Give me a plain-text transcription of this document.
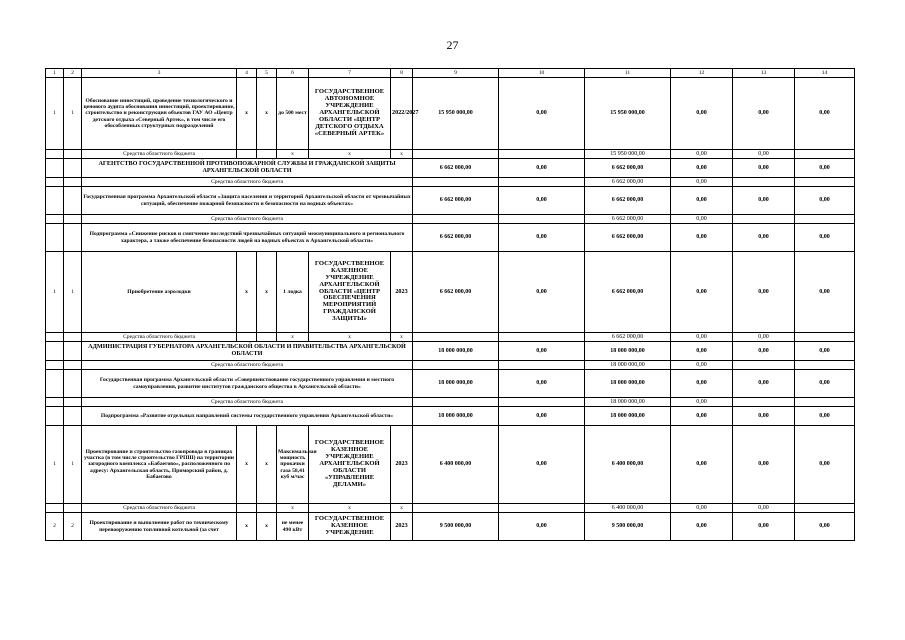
27
1	2	3	4	5	6	7	8	9	10	11	12	13	14
1	1	Обоснование инвестиций, проведение технологического и ценового аудита обоснования инвестиций, проектирование, строительство и реконструкция объектов ГАУ АО «Центр детского отдыха «Северный Артек», в том числе его обособленных структурных подразделений	х	х	до 500 мест	ГОСУДАРСТВЕННОЕ АВТОНОМНОЕ УЧРЕЖДЕНИЕ АРХАНГЕЛЬСКОЙ ОБЛАСТИ «ЦЕНТР ДЕТСКОГО ОТДЫХА «СЕВЕРНЫЙ АРТЕК»	2022/2027	15 950 000,00	0,00	15 950 000,00	0,00	0,00	0,00
		Средства областного бюджета			х	х	х			15 950 000,00	0,00	0,00	
		АГЕНТСТВО ГОСУДАРСТВЕННОЙ ПРОТИВОПОЖАРНОЙ СЛУЖБЫ И ГРАЖДАНСКОЙ ЗАЩИТЫ АРХАНГЕЛЬСКОЙ ОБЛАСТИ						6 662 000,00	0,00	6 662 000,00	0,00	0,00	0,00
		Средства областного бюджета								6 662 000,00	0,00		
		Государственная программа Архангельской области «Защита населения и территорий Архангельской области от чрезвычайных ситуаций, обеспечение пожарной безопасности и безопасности на водных объектах»						6 662 000,00	0,00	6 662 000,00	0,00	0,00	0,00
		Средства областного бюджета								6 662 000,00	0,00		
		Подпрограмма «Снижение рисков и смягчение последствий чрезвычайных ситуаций межмуниципального и регионального характера, а также обеспечение безопасности людей на водных объектах в Архангельской области»						6 662 000,00	0,00	6 662 000,00	0,00	0,00	0,00
1	1	Приобретение аэролодки	х	х	1 лодка	ГОСУДАРСТВЕННОЕ КАЗЕННОЕ УЧРЕЖДЕНИЕ АРХАНГЕЛЬСКОЙ ОБЛАСТИ «ЦЕНТР ОБЕСПЕЧЕНИЯ МЕРОПРИЯТИЙ ГРАЖДАНСКОЙ ЗАЩИТЫ»	2023	6 662 000,00	0,00	6 662 000,00	0,00	0,00	0,00
		Средства областного бюджета			х	х	х			6 662 000,00	0,00	0,00	
		АДМИНИСТРАЦИЯ ГУБЕРНАТОРА АРХАНГЕЛЬСКОЙ ОБЛАСТИ И ПРАВИТЕЛЬСТВА АРХАНГЕЛЬСКОЙ ОБЛАСТИ						18 000 000,00	0,00	18 000 000,00	0,00	0,00	0,00
		Средства областного бюджета								18 000 000,00	0,00		
		Государственная программа Архангельской области «Совершенствование государственного управления и местного самоуправления, развитие институтов гражданского общества в Архангельской области»						18 000 000,00	0,00	18 000 000,00	0,00	0,00	0,00
		Средства областного бюджета								18 000 000,00	0,00		
		Подпрограмма «Развитие отдельных направлений системы государственного управления Архангельской области»						18 000 000,00	0,00	18 000 000,00	0,00	0,00	0,00
1	1	Проектирование и строительство газопровода в границах участка (в том числе строительство ГРПШ) на территории загородного комплекса «Бабаегово», расположенного по адресу: Архангельская область, Приморский район, д. Бабаегово	х	х	Максимальная мощность прокачки газа 58,41 куб м/час	ГОСУДАРСТВЕННОЕ КАЗЕННОЕ УЧРЕЖДЕНИЕ АРХАНГЕЛЬСКОЙ ОБЛАСТИ «УПРАВЛЕНИЕ ДЕЛАМИ»	2023	6 400 000,00	0,00	6 400 000,00	0,00	0,00	0,00
		Средства областного бюджета			х	х	х			6 400 000,00	0,00	0,00	
2	2	Проектирование и выполнение работ по техническому перевооружению топливной котельной (за счет	х	х	не менее 490 кВт	ГОСУДАРСТВЕННОЕ КАЗЕННОЕ УЧРЕЖДЕНИЕ	2023	9 500 000,00	0,00	9 500 000,00	0,00	0,00	0,00
